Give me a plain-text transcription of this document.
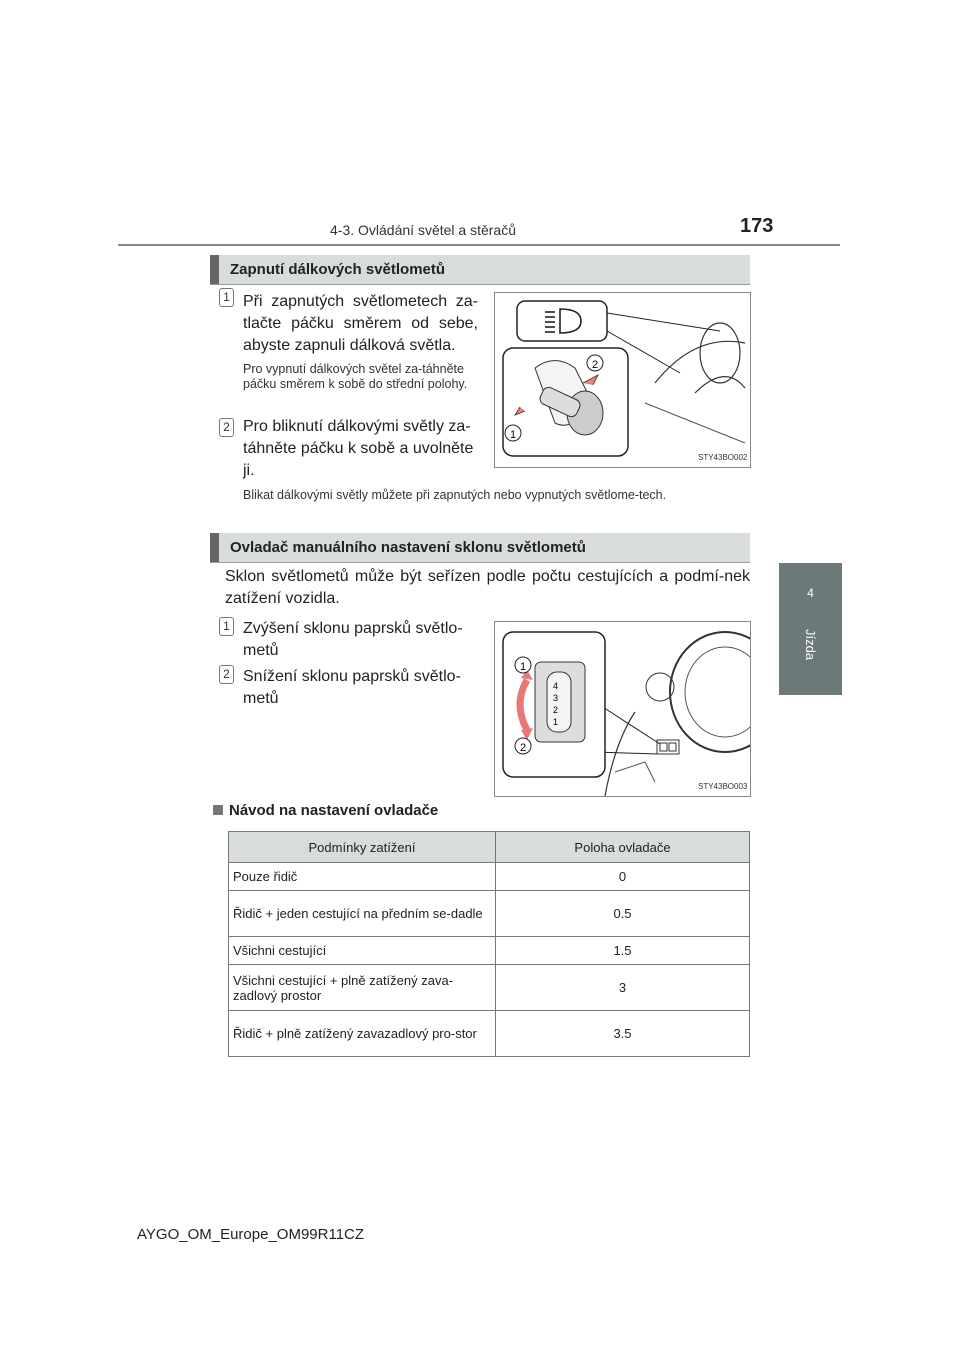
4-3. Ovládání světel a stěračů	173
4
Jízda
Zapnutí dálkových světlometů
1 Při zapnutých světlometech za-tlačte páčku směrem od sebe, abyste zapnuli dálková světla.
Pro vypnutí dálkových světel za-táhněte páčku směrem k sobě do střední polohy.
2 Pro bliknutí dálkovými světly za-táhněte páčku k sobě a uvolněte ji.
Blikat dálkovými světly můžete při zapnutých nebo vypnutých světlome-tech.
2
1
STY43BO002
Ovladač manuálního nastavení sklonu světlometů
Sklon světlometů může být seřízen podle počtu cestujících a podmí-nek zatížení vozidla.
1 Zvýšení sklonu paprsků světlo-metů
2 Snížení sklonu paprsků světlo-metů
4
3
2
1
1
2
STY43BO003
Návod na nastavení ovladače
Podmínky zatížení	Poloha ovladače
Pouze řidič	0
Řidič + jeden cestující na předním se-dadle	0.5
Všichni cestující	1.5
Všichni cestující + plně zatížený zava-zadlový prostor	3
Řidič + plně zatížený zavazadlový pro-stor	3.5
AYGO_OM_Europe_OM99R11CZ
